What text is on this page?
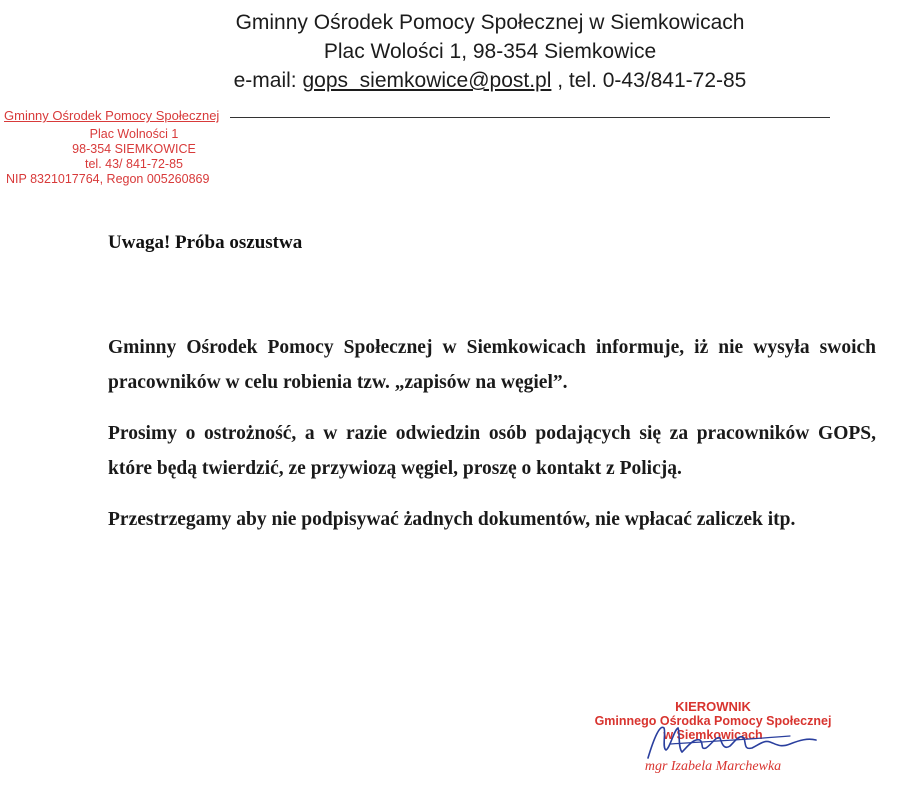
Gminny Ośrodek Pomocy Społecznej w Siemkowicach
Plac Wolości 1, 98-354 Siemkowice
e-mail: gops_siemkowice@post.pl , tel. 0-43/841-72-85
Gminny Ośrodek Pomocy Społecznej
Plac Wolności 1
98-354 SIEMKOWICE
tel. 43/ 841-72-85
NIP 8321017764, Regon 005260869
Uwaga! Próba oszustwa

Gminny Ośrodek Pomocy Społecznej w Siemkowicach informuje, iż nie wysyła swoich pracowników w celu robienia tzw. „zapisów na węgiel”.

Prosimy o ostrożność, a w razie odwiedzin osób podających się za pracowników GOPS, które będą twierdzić, ze przywiozą węgiel, proszę o kontakt z Policją.

Przestrzegamy aby nie podpisywać żadnych dokumentów, nie wpłacać zaliczek itp.

KIEROWNIK
Gminnego Ośrodka Pomocy Społecznej
w Siemkowicach
mgr Izabela Marchewka
